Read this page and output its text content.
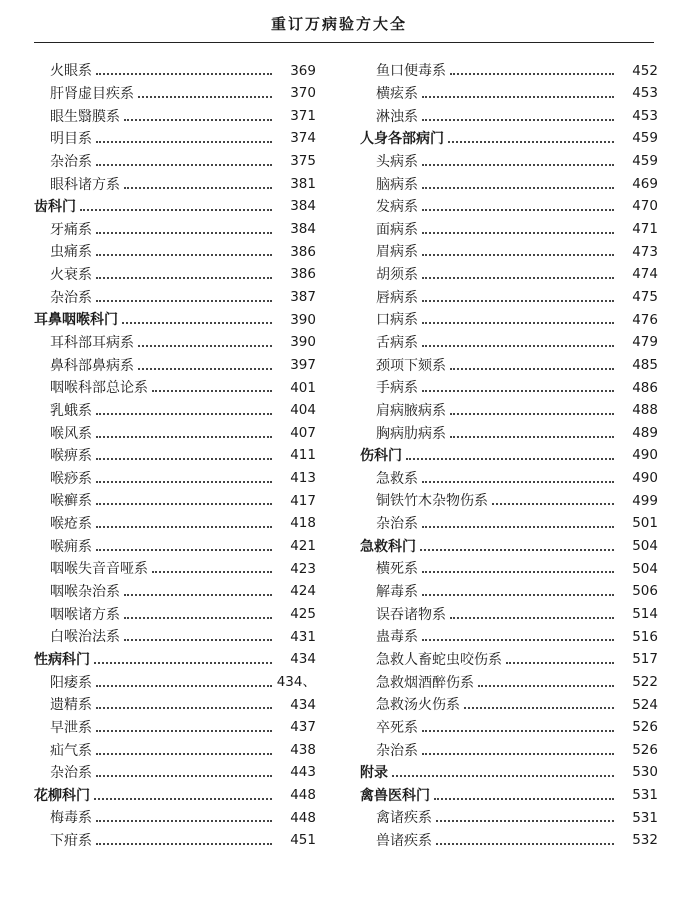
重订万病验方大全
火眼系	369
肝肾虚目疾系	370
眼生翳膜系	371
明目系	374
杂治系	375
眼科诸方系	381
齿科门	384
牙痛系	384
虫痛系	386
火衰系	386
杂治系	387
耳鼻咽喉科门	390
耳科部耳病系	390
鼻科部鼻病系	397
咽喉科部总论系	401
乳蛾系	404
喉风系	407
喉痹系	411
喉痧系	413
喉癣系	417
喉疮系	418
喉痈系	421
咽喉失音音哑系	423
咽喉杂治系	424
咽喉诸方系	425
白喉治法系	431
性病科门	434
阳痿系	434、
遗精系	434
早泄系	437
疝气系	438
杂治系	443
花柳科门	448
梅毒系	448
下疳系	451
鱼口便毒系	452
横痃系	453
淋浊系	453
人身各部病门	459
头病系	459
脑病系	469
发病系	470
面病系	471
眉病系	473
胡须系	474
唇病系	475
口病系	476
舌病系	479
颈项下颏系	485
手病系	486
肩病腋病系	488
胸病肋病系	489
伤科门	490
急救系	490
铜铁竹木杂物伤系	499
杂治系	501
急救科门	504
横死系	504
解毒系	506
误吞诸物系	514
蛊毒系	516
急救人畜蛇虫咬伤系	517
急救烟酒醉伤系	522
急救汤火伤系	524
卒死系	526
杂治系	526
附录	530
禽兽医科门	531
禽诸疾系	531
兽诸疾系	532
